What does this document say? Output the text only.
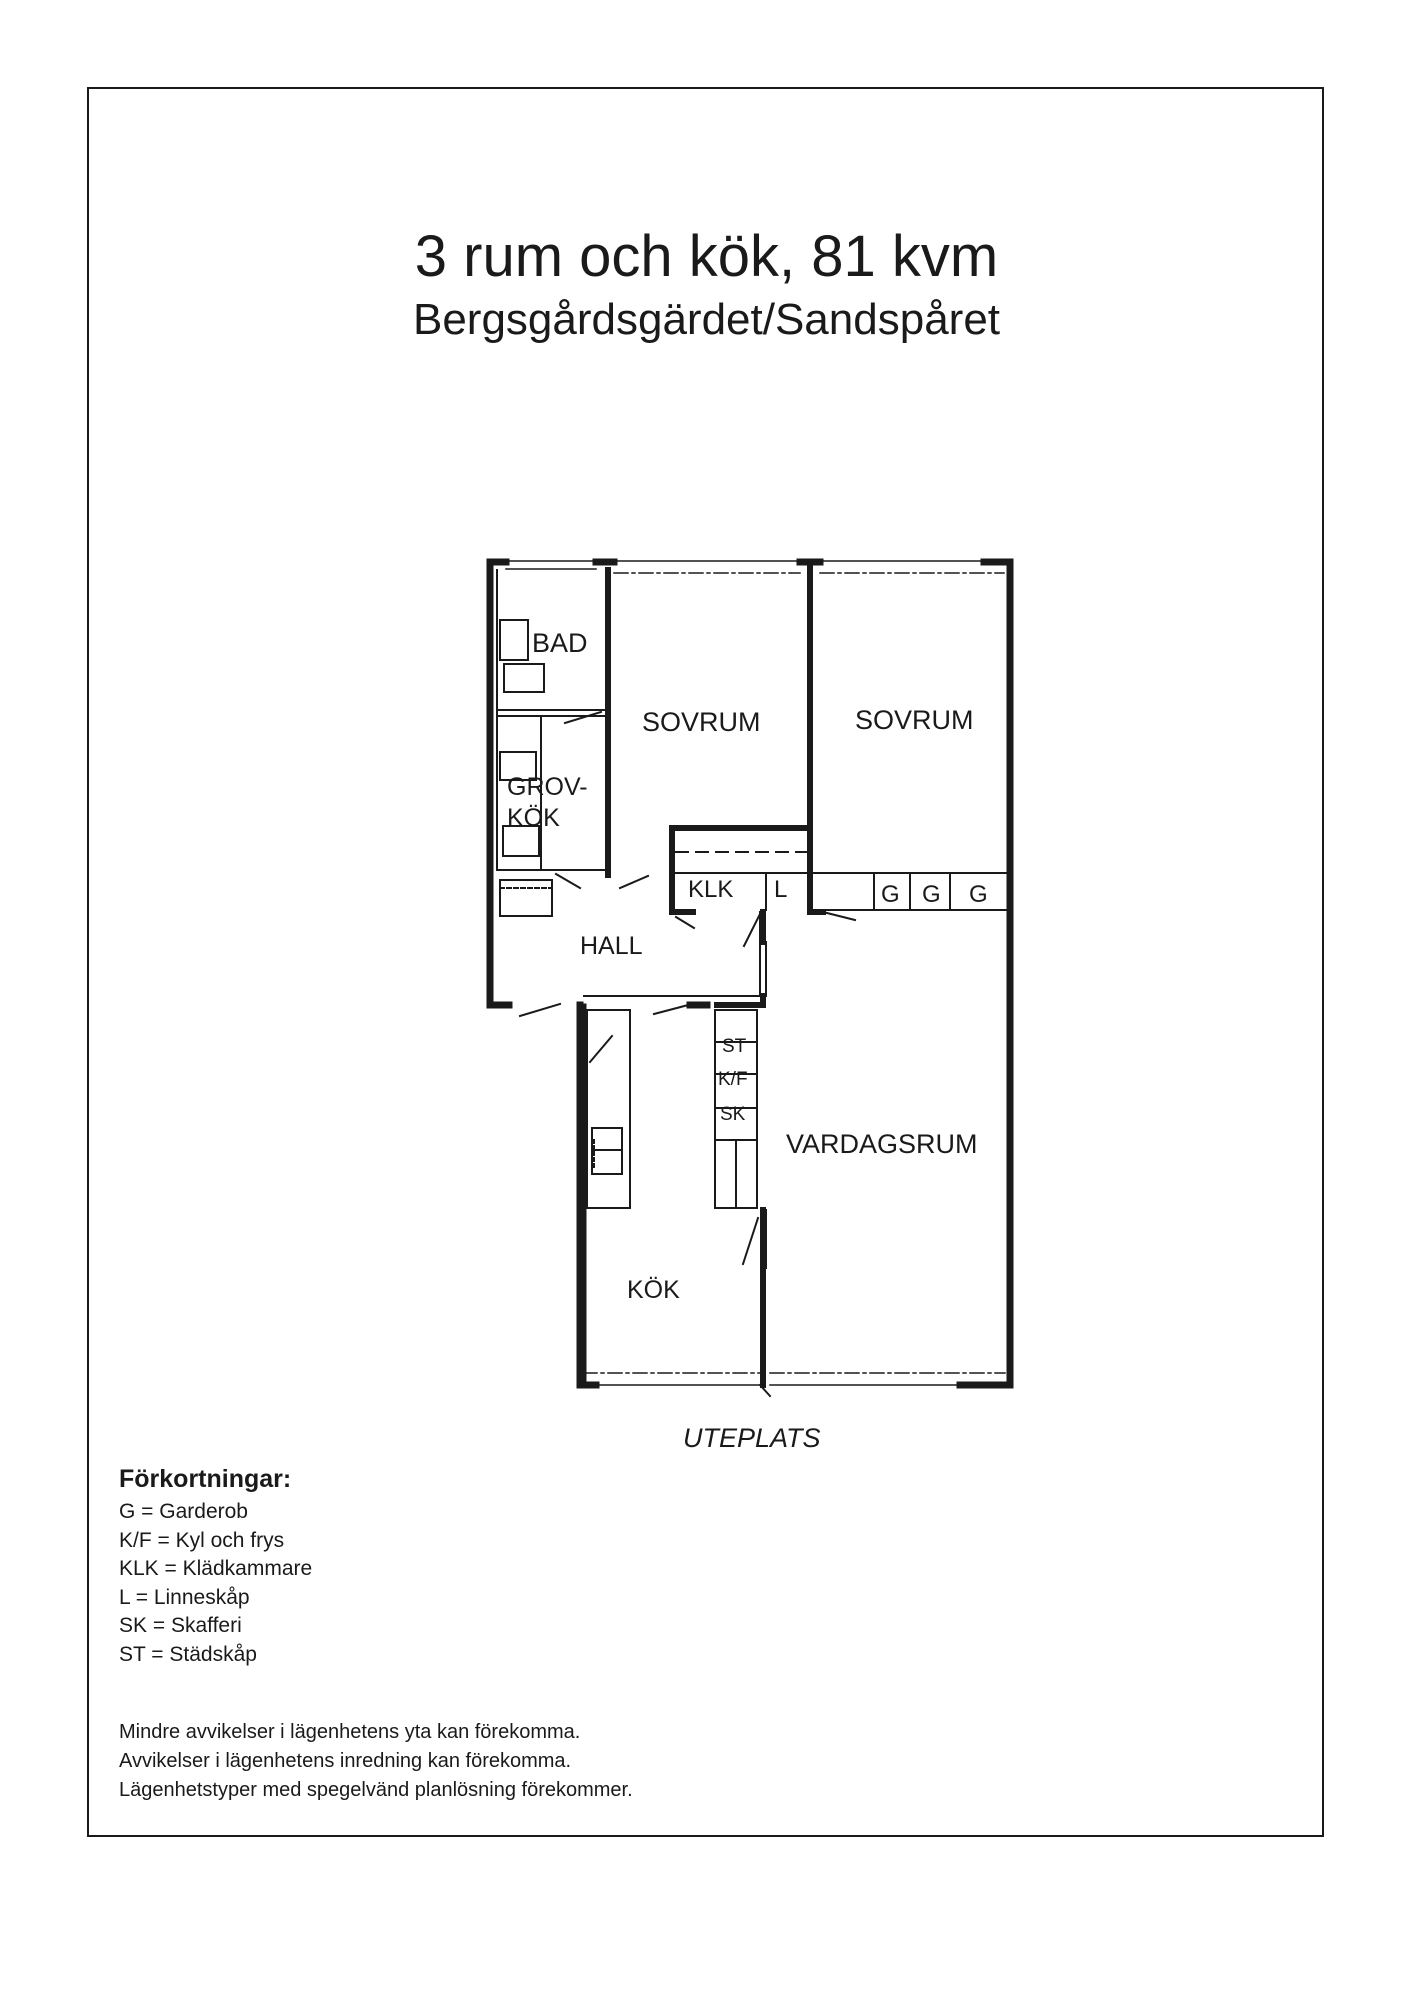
3 rum och kök, 81 kvm
Bergsgårdsgärdet/Sandspåret
BAD
SOVRUM	SOVRUM
GROV-
KÖK
KLK L
HALL
G G G
ST
K/F
SK
VARDAGSRUM
KÖK
UTEPLATS
Förkortningar:
G = Garderob
K/F = Kyl och frys
KLK = Klädkammare
L = Linneskåp
SK = Skafferi
ST = Städskåp
Mindre avvikelser i lägenhetens yta kan förekomma.
Avvikelser i lägenhetens inredning kan förekomma.
Lägenhetstyper med spegelvänd planlösning förekommer.
